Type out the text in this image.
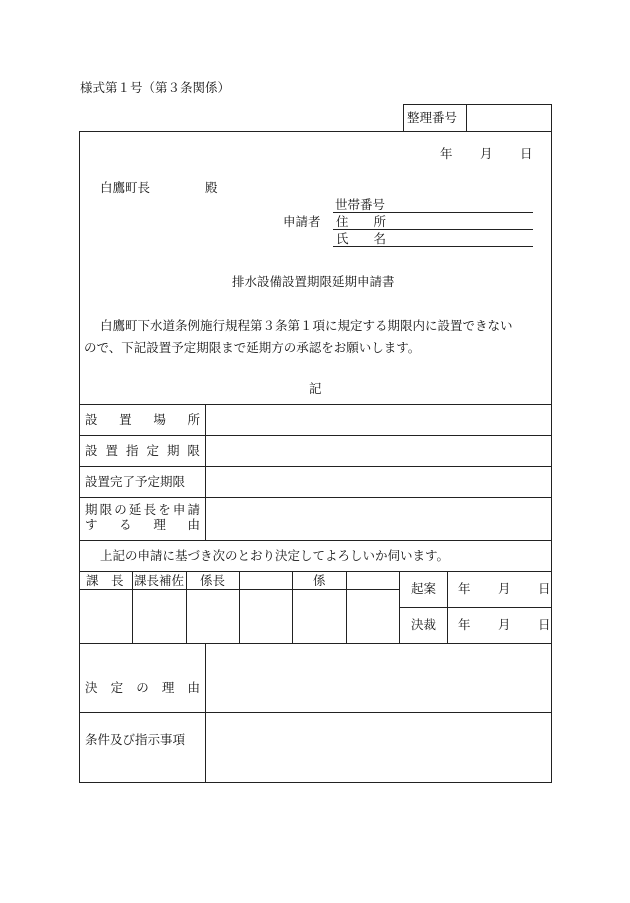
様式第１号（第３条関係）
整理番号
年 月 日
白鷹町長	殿
申請者
世帯番号
住　　所
氏　　名
排水設備設置期限延期申請書
白鷹町下水道条例施行規程第３条第１項に規定する期限内に設置できない
ので、下記設置予定期限まで延期方の承認をお願いします。
記
設 置 場 所
設 置 指 定 期 限
設置完了予定期限
期 限 の 延 長 を 申 請
す る 理 由
上記の申請に基づき次のとおり決定してよろしいか伺います。
課　長 課長補佐 係長	係
起案 年 月 日
決裁 年 月 日
決 定 の 理 由
条件及び指示事項
